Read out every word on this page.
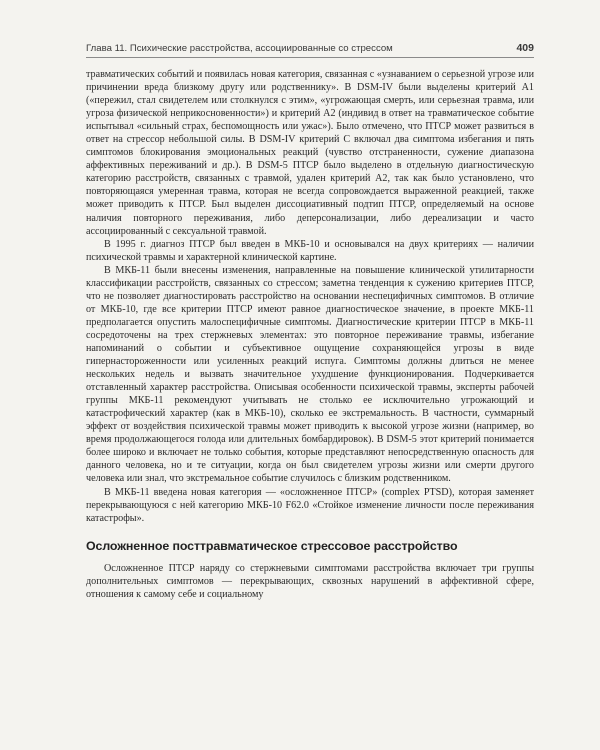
Глава 11. Психические расстройства, ассоциированные со стрессом	409

травматических событий и появилась новая категория, связанная с «узнаванием о серьезной угрозе или причинении вреда близкому другу или родственнику». В DSM-IV были выделены критерий А1 («пережил, стал свидетелем или столкнулся с этим», «угрожающая смерть, или серьезная травма, или угроза физической неприкосновенности») и критерий А2 (индивид в ответ на травматическое событие испытывал «сильный страх, беспомощность или ужас»). Было отмечено, что ПТСР может развиться в ответ на стрессор небольшой силы. В DSM-IV критерий С включал два симптома избегания и пять симптомов блокирования эмоциональных реакций (чувство отстраненности, сужение диапазона аффективных переживаний и др.). В DSM-5 ПТСР было выделено в отдельную диагностическую категорию расстройств, связанных с травмой, удален критерий А2, так как было установлено, что повторяющаяся умеренная травма, которая не всегда сопровождается выраженной реакцией, также может приводить к ПТСР. Был выделен диссоциативный подтип ПТСР, определяемый на основе наличия повторного переживания, либо деперсонализации, либо дереализации и часто ассоциированный с сексуальной травмой.

В 1995 г. диагноз ПТСР был введен в МКБ-10 и основывался на двух критериях — наличии психической травмы и характерной клинической картине.

В МКБ-11 были внесены изменения, направленные на повышение клинической утилитарности классификации расстройств, связанных со стрессом; заметна тенденция к сужению критериев ПТСР, что не позволяет диагностировать расстройство на основании неспецифичных симптомов. В отличие от МКБ-10, где все критерии ПТСР имеют равное диагностическое значение, в проекте МКБ-11 предполагается опустить малоспецифичные симптомы. Диагностические критерии ПТСР в МКБ-11 сосредоточены на трех стержневых элементах: это повторное переживание травмы, избегание напоминаний о событии и субъективное ощущение сохраняющейся угрозы в виде гипернастороженности или усиленных реакций испуга. Симптомы должны длиться не менее нескольких недель и вызвать значительное ухудшение функционирования. Подчеркивается отставленный характер расстройства. Описывая особенности психической травмы, эксперты рабочей группы МКБ-11 рекомендуют учитывать не столько ее исключительно угрожающий и катастрофический характер (как в МКБ-10), сколько ее экстремальность. В частности, суммарный эффект от воздействия психической травмы может приводить к высокой угрозе жизни (например, во время продолжающегося голода или длительных бомбардировок). В DSM-5 этот критерий понимается более широко и включает не только события, которые представляют непосредственную опасность для данного человека, но и те ситуации, когда он был свидетелем угрозы жизни или смерти другого человека или знал, что экстремальное событие случилось с близким родственником.

В МКБ-11 введена новая категория — «осложненное ПТСР» (complex PTSD), которая заменяет перекрывающуюся с ней категорию МКБ-10 F62.0 «Стойкое изменение личности после переживания катастрофы».

Осложненное посттравматическое стрессовое расстройство

Осложненное ПТСР наряду со стержневыми симптомами расстройства включает три группы дополнительных симптомов — перекрывающих, сквозных нарушений в аффективной сфере, отношения к самому себе и социальному
